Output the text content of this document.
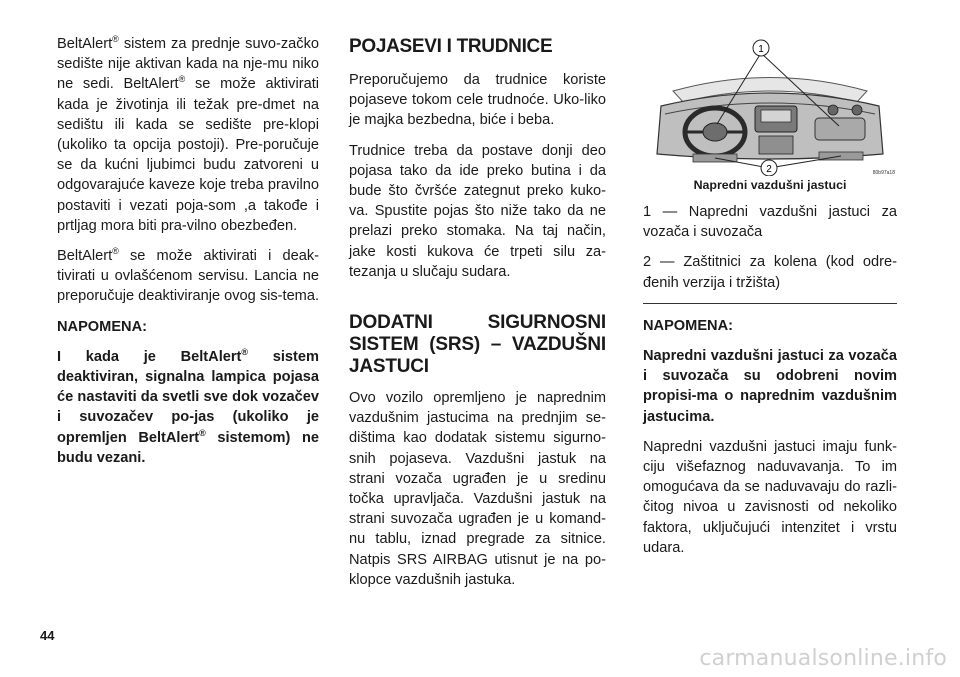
BeltAlert® sistem za prednje suvo-začko sedište nije aktivan kada na nje-mu niko ne sedi. BeltAlert® se može aktivirati kada je životinja ili težak pre-dmet na sedištu ili kada se sedište pre-klopi (ukoliko ta opcija postoji). Pre-poručuje se da kućni ljubimci budu zatvoreni u odgovarajuće kaveze koje treba pravilno postaviti i vezati poja-som ,a takođe i prtljag mora biti pra-vilno obezbeđen.

BeltAlert® se može aktivirati i deak-tivirati u ovlašćenom servisu. Lancia ne preporučuje deaktiviranje ovog sis-tema.

NAPOMENA:

I kada je BeltAlert® sistem deaktiviran, signalna lampica pojasa će nastaviti da svetli sve dok vozačev i suvozačev po-jas (ukoliko je opremljen BeltAlert® sistemom) ne budu vezani.

POJASEVI I TRUDNICE

Preporučujemo da trudnice koriste pojaseve tokom cele trudnoće. Uko-liko je majka bezbedna, biće i beba.

Trudnice treba da postave donji deo pojasa tako da ide preko butina i da bude što čvršće zategnut preko kuko-va. Spustite pojas što niže tako da ne prelazi preko stomaka. Na taj način, jake kosti kukova će trpeti silu za-tezanja u slučaju sudara.

DODATNI SIGURNOSNI SISTEM (SRS) – VAZDUŠNI JASTUCI

Ovo vozilo opremljeno je naprednim vazdušnim jastucima na prednjim se-dištima kao dodatak sistemu sigurno-snih pojaseva. Vazdušni jastuk na strani vozača ugrađen je u sredinu točka upravljača. Vazdušni jastuk na strani suvozača ugrađen je u komand-nu tablu, iznad pregrade za sitnice. Natpis SRS AIRBAG utisnut je na po-klopce vazdušnih jastuka.

1
2	80b97a18
Napredni vazdušni jastuci

1 — Napredni vazdušni jastuci za vozača i suvozača

2 — Zaštitnici za kolena (kod odre-đenih verzija i tržišta)

NAPOMENA:

Napredni vazdušni jastuci za vozača i suvozača su odobreni novim propisi-ma o naprednim vazdušnim jastucima.

Napredni vazdušni jastuci imaju funk-ciju višefaznog naduvavanja. To im omogućava da se naduvavaju do razli-čitog nivoa u zavisnosti od nekoliko faktora, uključujući intenzitet i vrstu udara.

44
carmanualsonline.info
